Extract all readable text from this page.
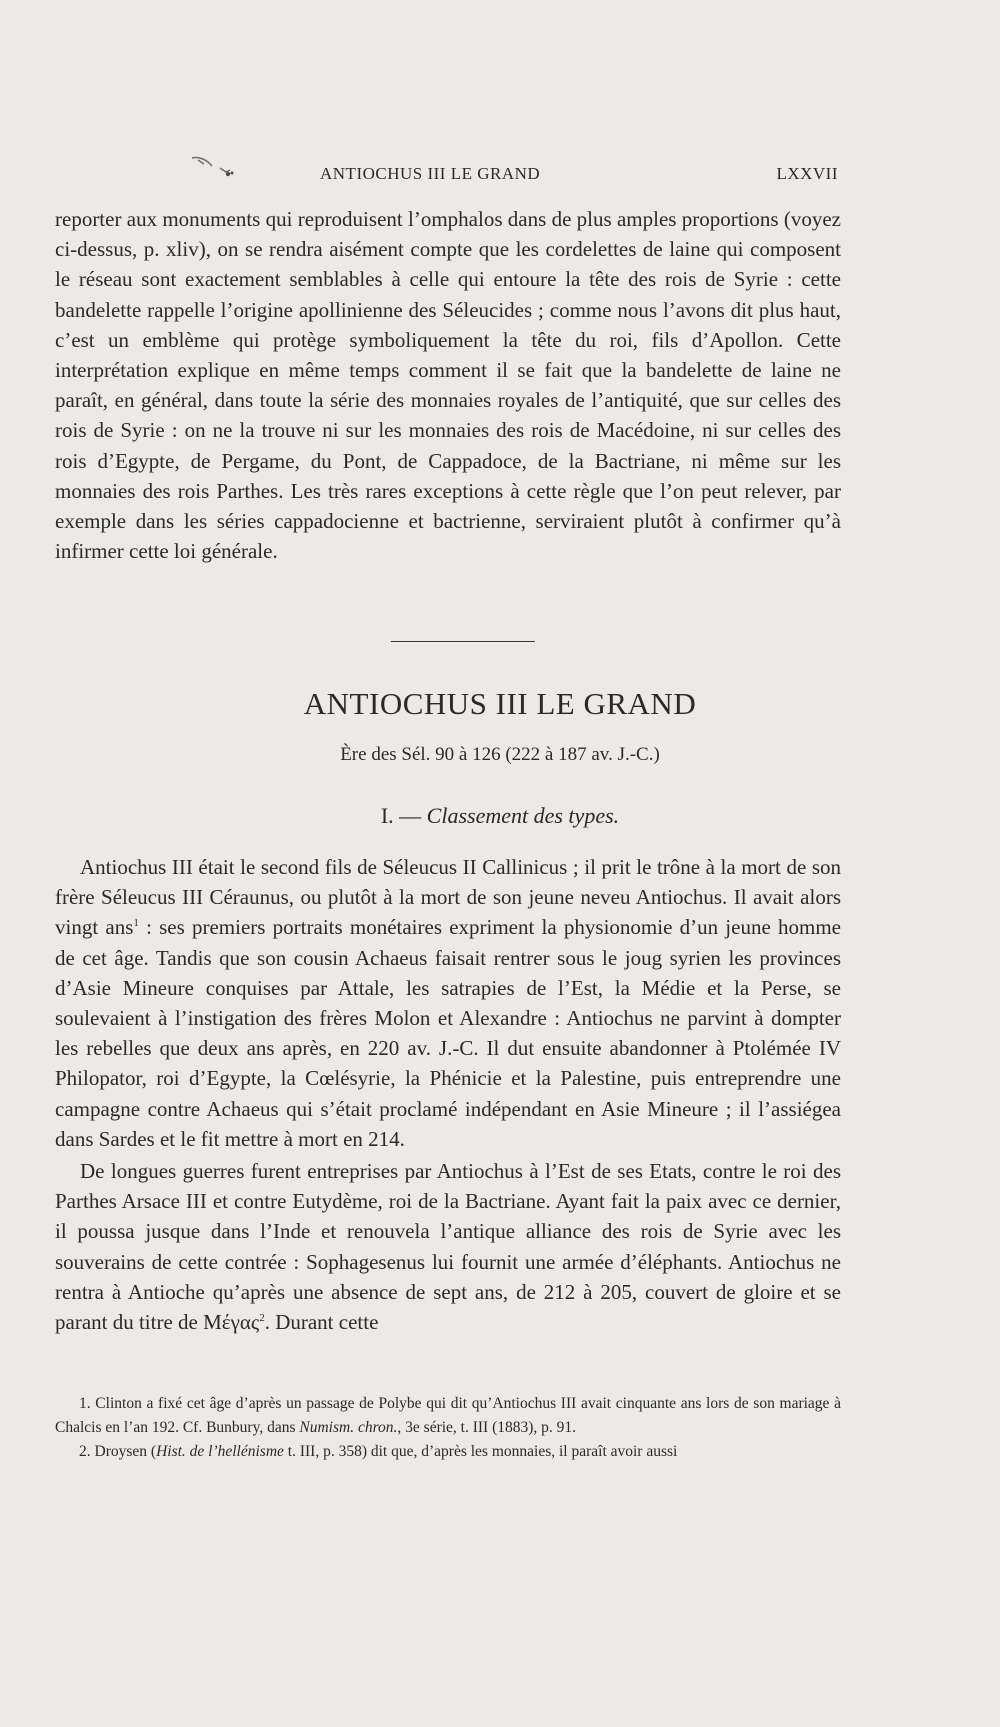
ANTIOCHUS III LE GRAND	LXXVII

reporter aux monuments qui reproduisent l’omphalos dans de plus amples proportions (voyez ci-dessus, p. xliv), on se rendra aisément compte que les cordelettes de laine qui composent le réseau sont exactement semblables à celle qui entoure la tête des rois de Syrie : cette bandelette rappelle l’origine apollinienne des Séleucides ; comme nous l’avons dit plus haut, c’est un emblème qui protège symboliquement la tête du roi, fils d’Apollon. Cette interprétation explique en même temps comment il se fait que la bandelette de laine ne paraît, en général, dans toute la série des monnaies royales de l’antiquité, que sur celles des rois de Syrie : on ne la trouve ni sur les monnaies des rois de Macédoine, ni sur celles des rois d’Egypte, de Pergame, du Pont, de Cappadoce, de la Bactriane, ni même sur les monnaies des rois Parthes. Les très rares exceptions à cette règle que l’on peut relever, par exemple dans les séries cappadocienne et bactrienne, serviraient plutôt à confirmer qu’à infirmer cette loi générale.

ANTIOCHUS III LE GRAND
Ère des Sél. 90 à 126 (222 à 187 av. J.-C.)
I. — Classement des types.

Antiochus III était le second fils de Séleucus II Callinicus ; il prit le trône à la mort de son frère Séleucus III Céraunus, ou plutôt à la mort de son jeune neveu Antiochus. Il avait alors vingt ans$^1$ : ses premiers portraits monétaires expriment la physionomie d’un jeune homme de cet âge. Tandis que son cousin Achaeus faisait rentrer sous le joug syrien les provinces d’Asie Mineure conquises par Attale, les satrapies de l’Est, la Médie et la Perse, se soulevaient à l’instigation des frères Molon et Alexandre : Antiochus ne parvint à dompter les rebelles que deux ans après, en 220 av. J.-C. Il dut ensuite abandonner à Ptolémée IV Philopator, roi d’Egypte, la Cœlésyrie, la Phénicie et la Palestine, puis entreprendre une campagne contre Achaeus qui s’était proclamé indépendant en Asie Mineure ; il l’assiégea dans Sardes et le fit mettre à mort en 214.

De longues guerres furent entreprises par Antiochus à l’Est de ses Etats, contre le roi des Parthes Arsace III et contre Eutydème, roi de la Bactriane. Ayant fait la paix avec ce dernier, il poussa jusque dans l’Inde et renouvela l’antique alliance des rois de Syrie avec les souverains de cette contrée : Sophagesenus lui fournit une armée d’éléphants. Antiochus ne rentra à Antioche qu’après une absence de sept ans, de 212 à 205, couvert de gloire et se parant du titre de Μέγας$^2$. Durant cette

1. Clinton a fixé cet âge d’après un passage de Polybe qui dit qu’Antiochus III avait cinquante ans lors de son mariage à Chalcis en l’an 192. Cf. Bunbury, dans Numism. chron., 3e série, t. III (1883), p. 91.

2. Droysen (Hist. de l’hellénisme t. III, p. 358) dit que, d’après les monnaies, il paraît avoir aussi
